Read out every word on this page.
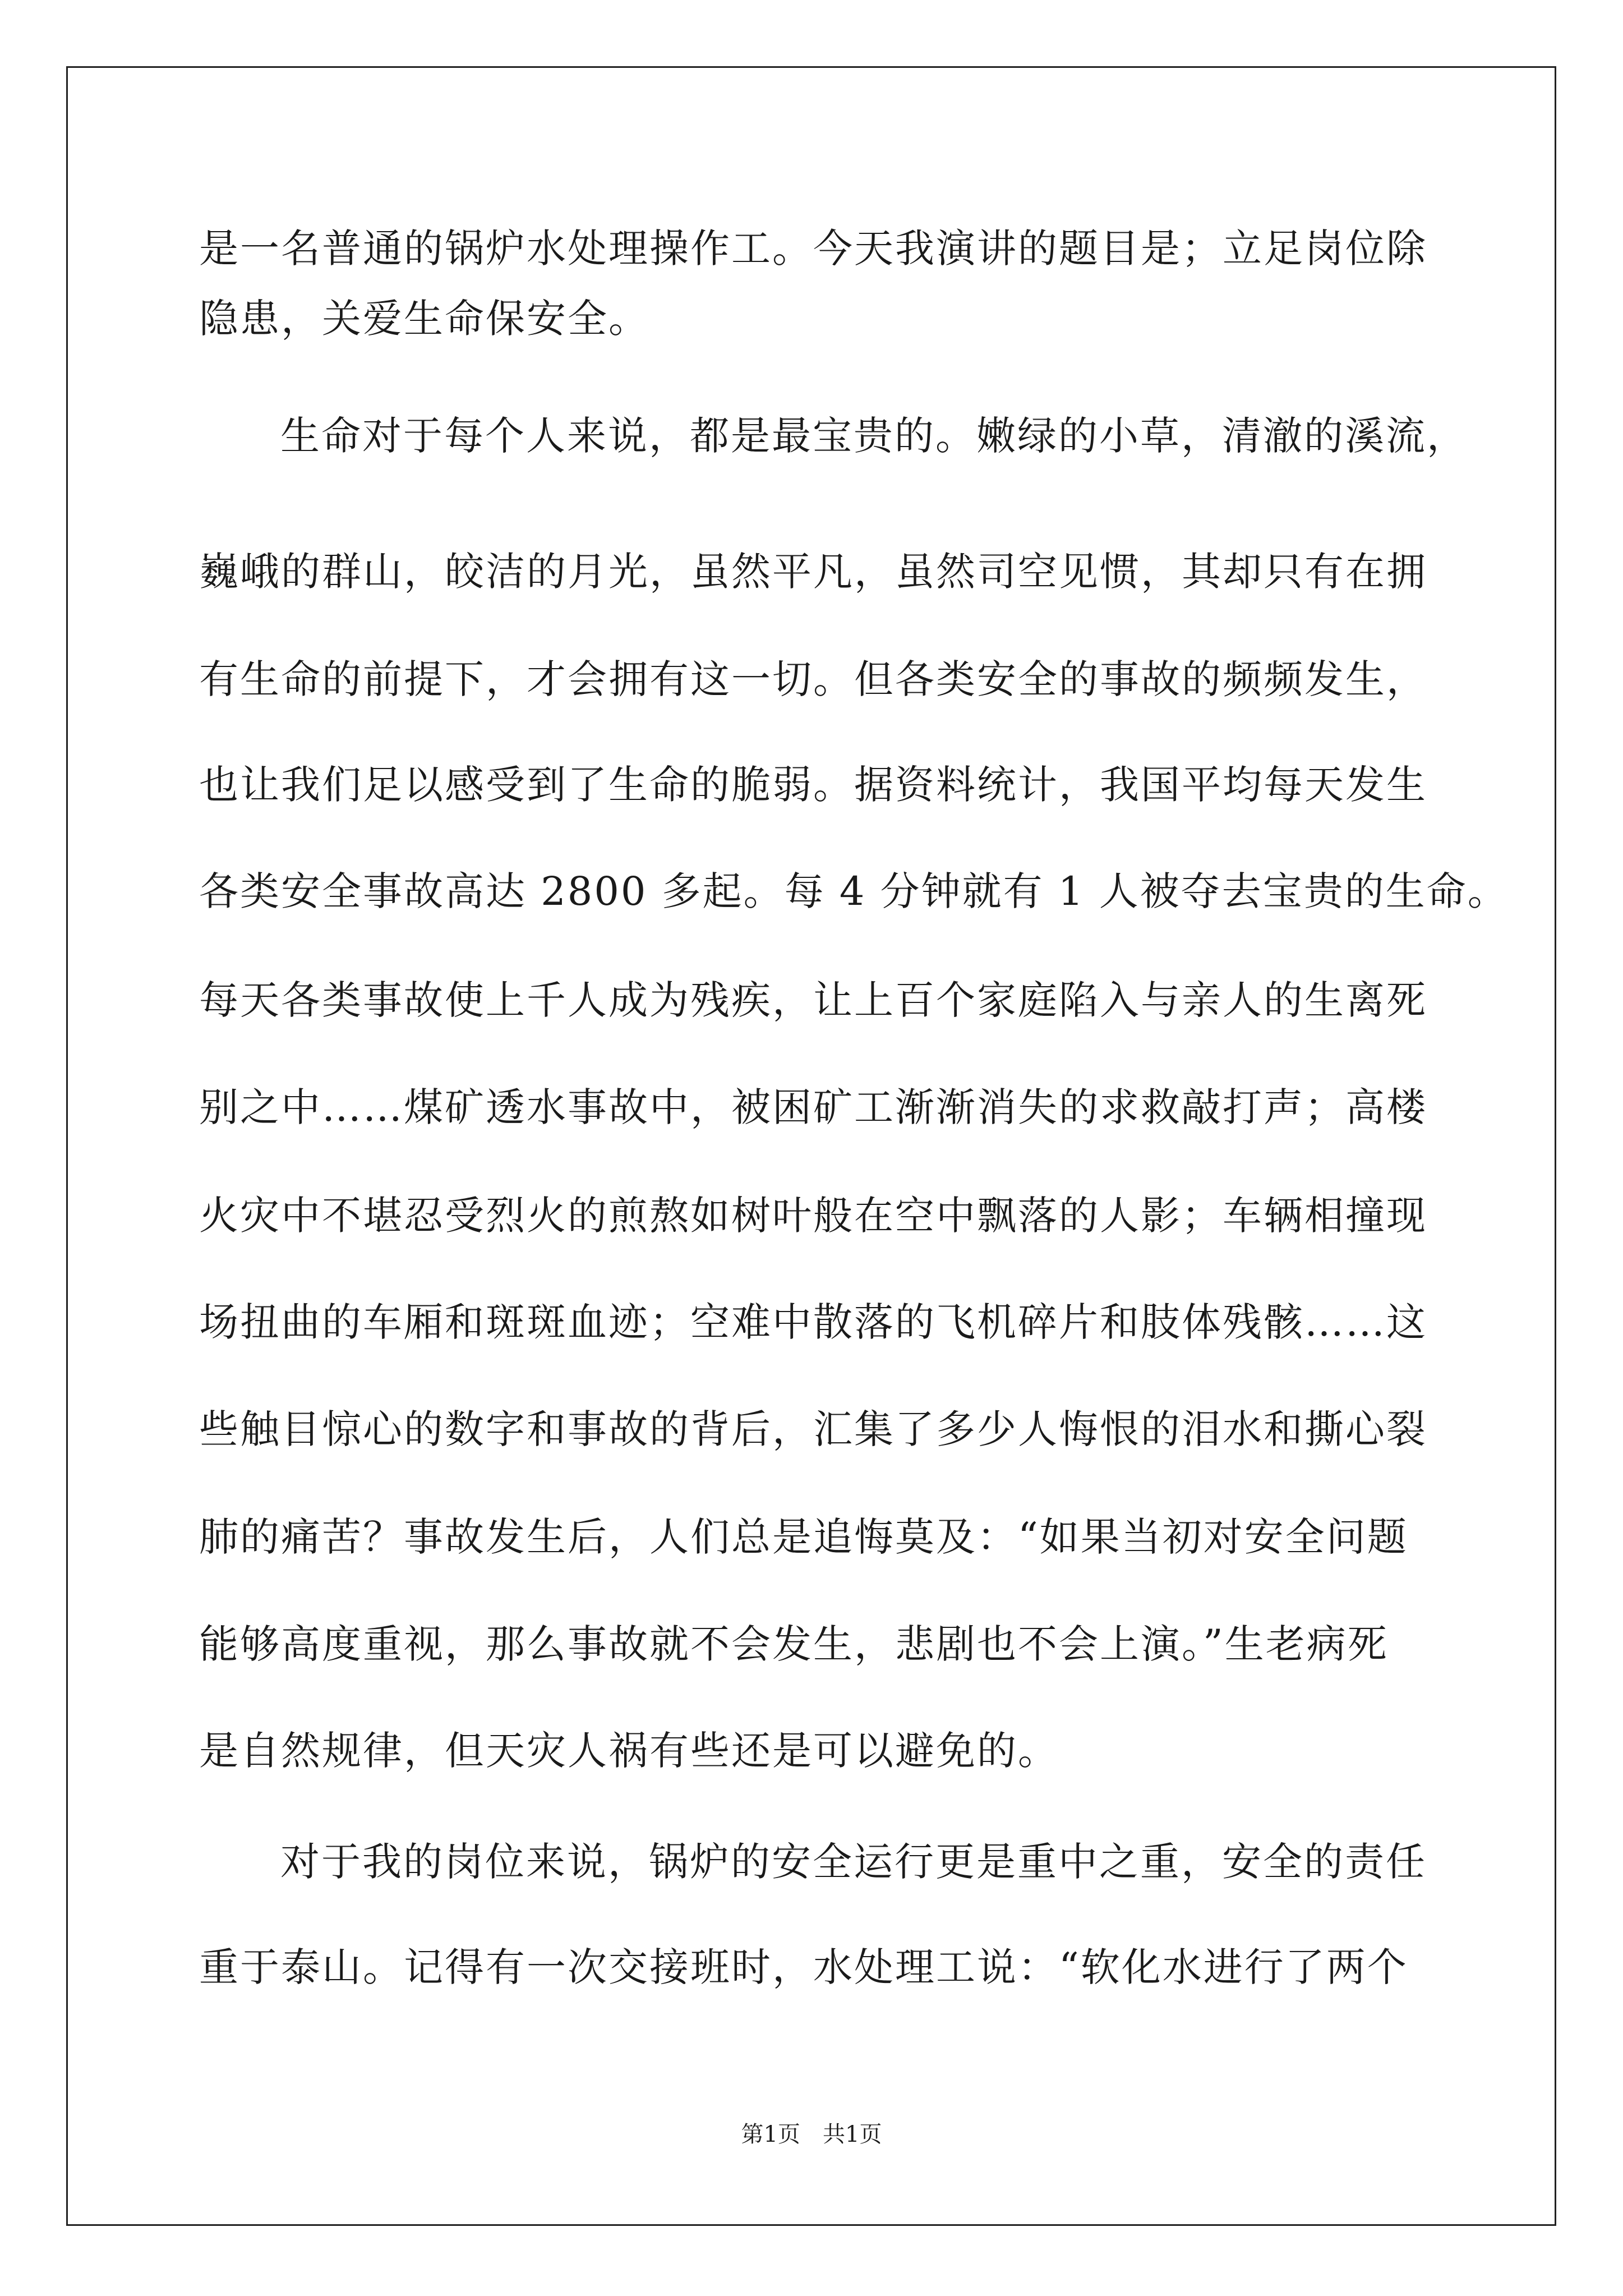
是一名普通的锅炉水处理操作工。今天我演讲的题目是；立足岗位除
隐患，关爱生命保安全。
生命对于每个人来说，都是最宝贵的。嫩绿的小草，清澈的溪流，
巍峨的群山，皎洁的月光，虽然平凡，虽然司空见惯，其却只有在拥
有生命的前提下，才会拥有这一切。但各类安全的事故的频频发生，
也让我们足以感受到了生命的脆弱。据资料统计，我国平均每天发生
各类安全事故高达 2800 多起。每 4 分钟就有 1 人被夺去宝贵的生命。
每天各类事故使上千人成为残疾，让上百个家庭陷入与亲人的生离死
别之中……煤矿透水事故中，被困矿工渐渐消失的求救敲打声；高楼
火灾中不堪忍受烈火的煎熬如树叶般在空中飘落的人影；车辆相撞现
场扭曲的车厢和斑斑血迹；空难中散落的飞机碎片和肢体残骸……这
些触目惊心的数字和事故的背后，汇集了多少人悔恨的泪水和撕心裂
肺的痛苦？事故发生后，人们总是追悔莫及：“如果当初对安全问题
能够高度重视，那么事故就不会发生，悲剧也不会上演。”生老病死
是自然规律，但天灾人祸有些还是可以避免的。
对于我的岗位来说，锅炉的安全运行更是重中之重，安全的责任
重于泰山。记得有一次交接班时，水处理工说：“软化水进行了两个
第1页　共1页
